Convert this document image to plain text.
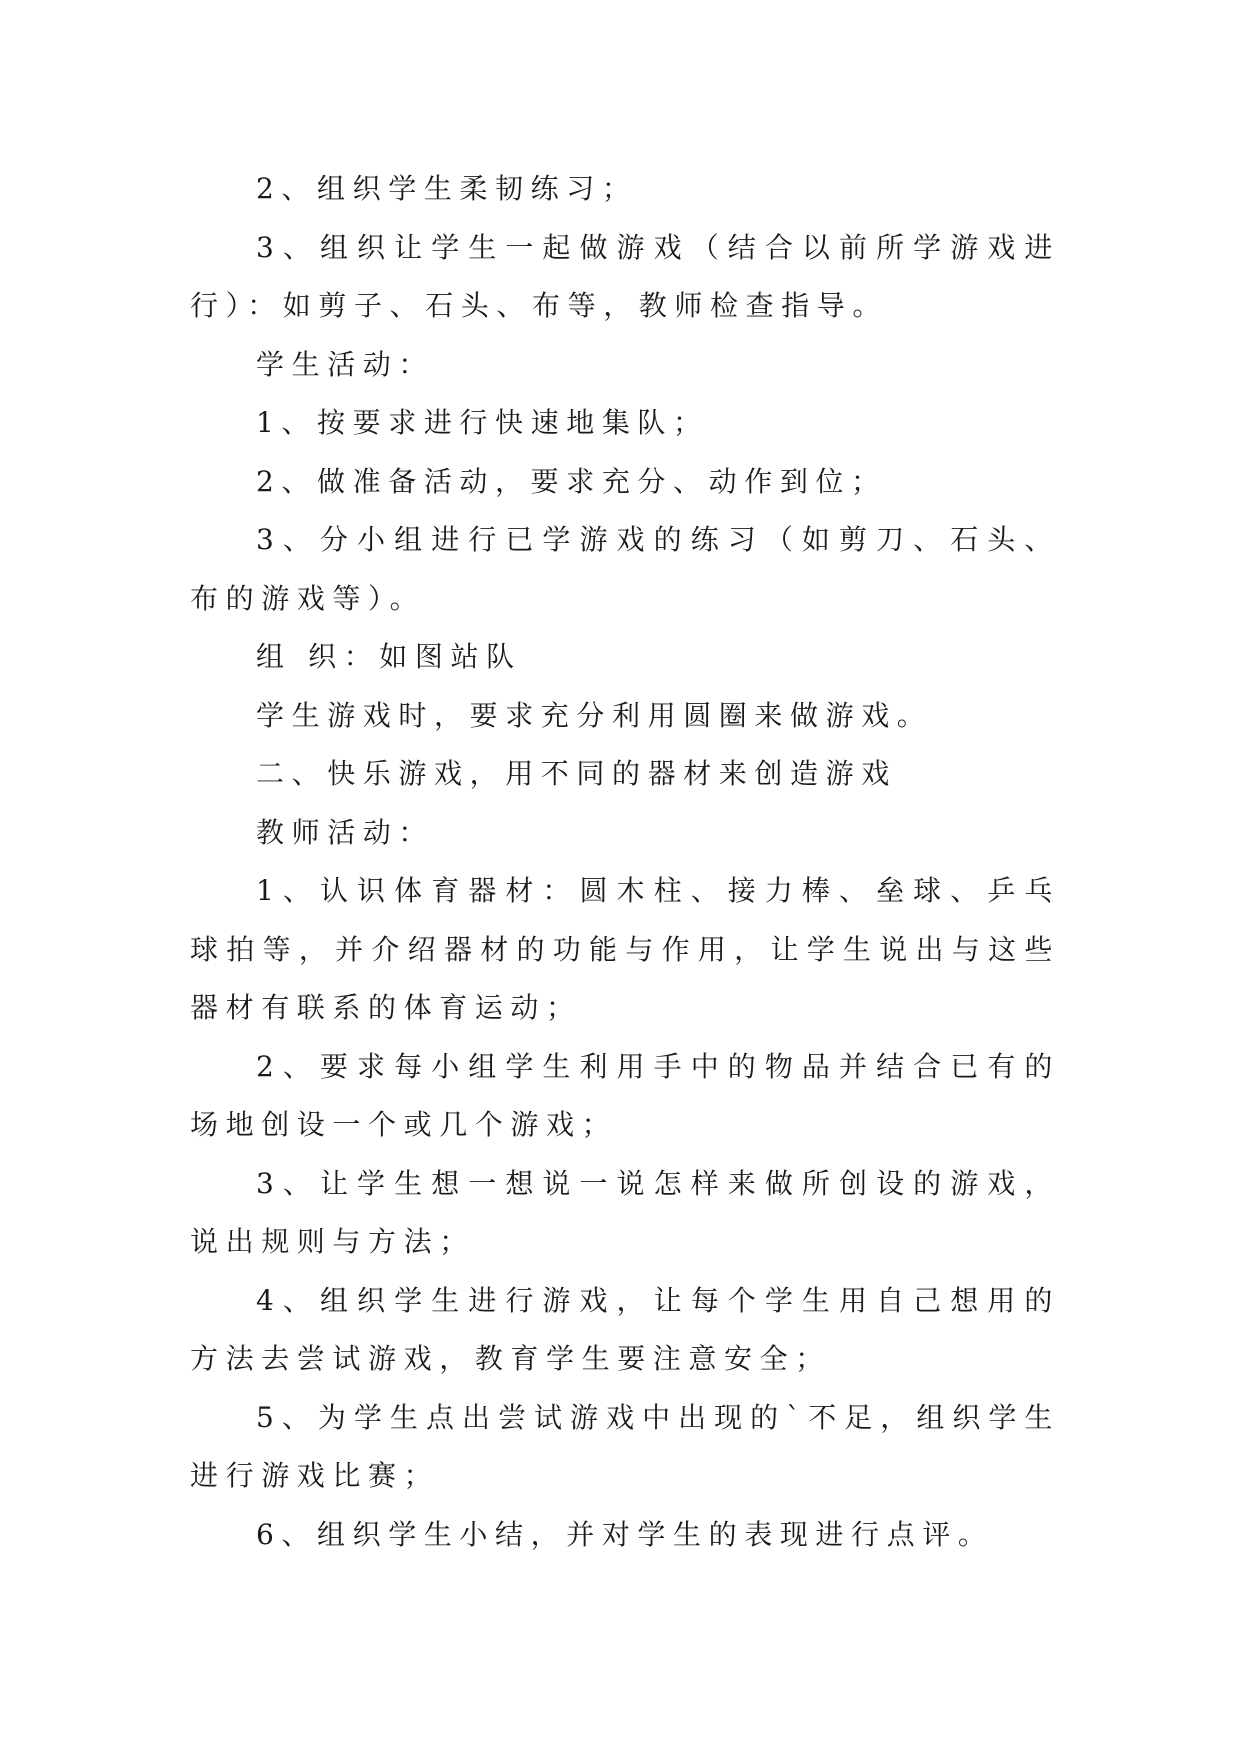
2、组织学生柔韧练习；

3、组织让学生一起做游戏（结合以前所学游戏进行）：如剪子、石头、布等，教师检查指导。

学生活动：

1、按要求进行快速地集队；

2、做准备活动，要求充分、动作到位；

3、分小组进行已学游戏的练习（如剪刀、石头、布的游戏等）。

组 织：如图站队

学生游戏时，要求充分利用圆圈来做游戏。

二、快乐游戏，用不同的器材来创造游戏

教师活动：

1、认识体育器材：圆木柱、接力棒、垒球、乒乓球拍等，并介绍器材的功能与作用，让学生说出与这些器材有联系的体育运动；

2、要求每小组学生利用手中的物品并结合已有的场地创设一个或几个游戏；

3、让学生想一想说一说怎样来做所创设的游戏，说出规则与方法；

4、组织学生进行游戏，让每个学生用自己想用的方法去尝试游戏，教育学生要注意安全；

5、为学生点出尝试游戏中出现的`不足，组织学生进行游戏比赛；

6、组织学生小结，并对学生的表现进行点评。
